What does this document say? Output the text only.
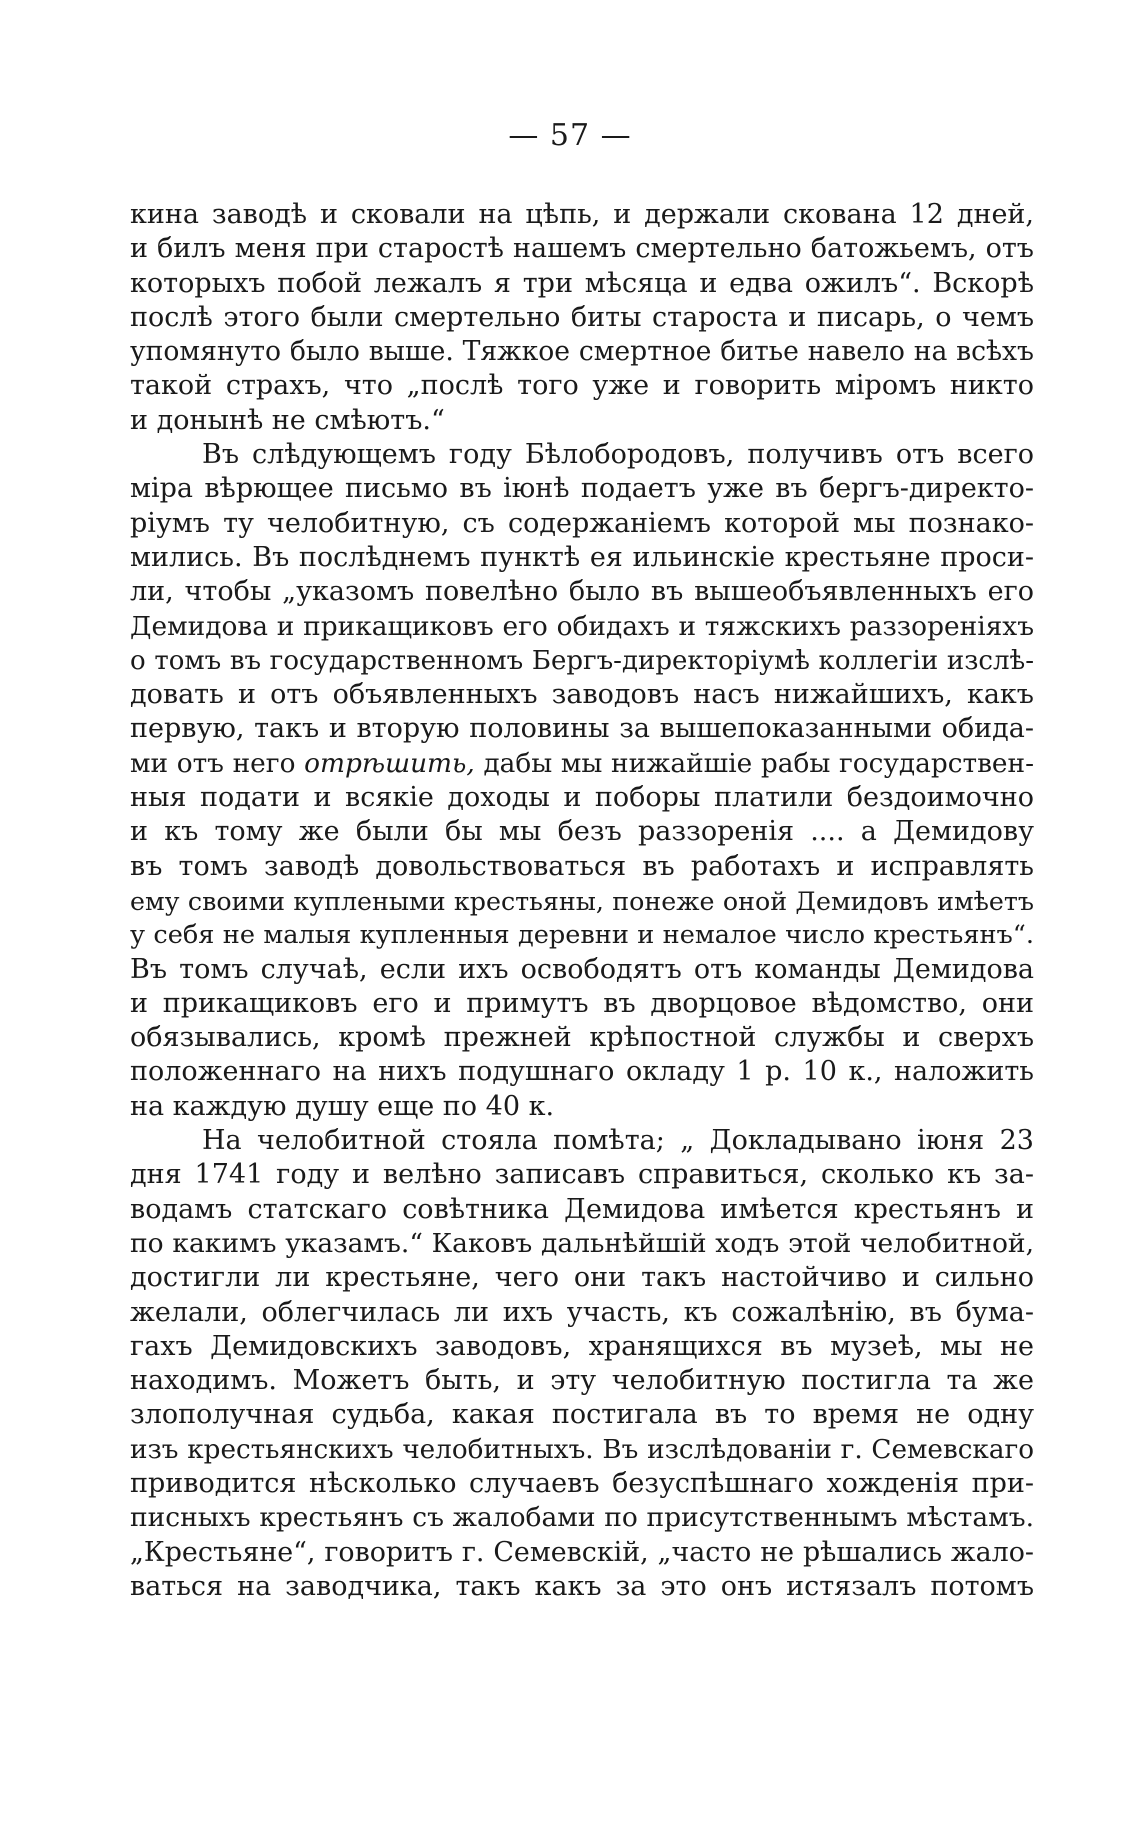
— 57 —
кина заводѣ и сковали на цѣпь, и держали скована 12 дней,
и билъ меня при старостѣ нашемъ смертельно батожьемъ, отъ
которыхъ побой лежалъ я три мѣсяца и едва ожилъ“. Вскорѣ
послѣ этого были смертельно биты староста и писарь, о чемъ
упомянуто было выше. Тяжкое смертное битье навело на всѣхъ
такой страхъ, что „послѣ того уже и говорить міромъ никто
и донынѣ не смѣютъ.“
Въ слѣдующемъ году Бѣлобородовъ, получивъ отъ всего
міра вѣрющее письмо въ іюнѣ подаетъ уже въ бергъ-директо-
ріумъ ту челобитную, съ содержаніемъ которой мы познако-
мились. Въ послѣднемъ пунктѣ ея ильинскіе крестьяне проси-
ли, чтобы „указомъ повелѣно было въ вышеобъявленныхъ его
Демидова и прикащиковъ его обидахъ и тяжскихъ раззореніяхъ
о томъ въ государственномъ Бергъ-директоріумѣ коллегіи изслѣ-
довать и отъ объявленныхъ заводовъ насъ нижайшихъ, какъ
первую, такъ и вторую половины за вышепоказанными обида-
ми отъ него отрѣшить, дабы мы нижайшіе рабы государствен-
ныя подати и всякіе доходы и поборы платили бездоимочно
и къ тому же были бы мы безъ раззоренія .... а Демидову
въ томъ заводѣ довольствоваться въ работахъ и исправлять
ему своими куплеными крестьяны, понеже оной Демидовъ имѣетъ
у себя не малыя купленныя деревни и немалое число крестьянъ“.
Въ томъ случаѣ, если ихъ освободятъ отъ команды Демидова
и прикащиковъ его и примутъ въ дворцовое вѣдомство, они
обязывались, кромѣ прежней крѣпостной службы и сверхъ
положеннаго на нихъ подушнаго окладу 1 р. 10 к., наложить
на каждую душу еще по 40 к.
На челобитной стояла помѣта; „ Докладывано іюня 23
дня 1741 году и велѣно записавъ справиться, сколько къ за-
водамъ статскаго совѣтника Демидова имѣется крестьянъ и
по какимъ указамъ.“ Каковъ дальнѣйшій ходъ этой челобитной,
достигли ли крестьяне, чего они такъ настойчиво и сильно
желали, облегчилась ли ихъ участь, къ сожалѣнію, въ бума-
гахъ Демидовскихъ заводовъ, хранящихся въ музеѣ, мы не
находимъ. Можетъ быть, и эту челобитную постигла та же
злополучная судьба, какая постигала въ то время не одну
изъ крестьянскихъ челобитныхъ. Въ изслѣдованіи г. Семевскаго
приводится нѣсколько случаевъ безуспѣшнаго хожденія при-
писныхъ крестьянъ съ жалобами по присутственнымъ мѣстамъ.
„Крестьяне“, говоритъ г. Семевскій, „часто не рѣшались жало-
ваться на заводчика, такъ какъ за это онъ истязалъ потомъ
